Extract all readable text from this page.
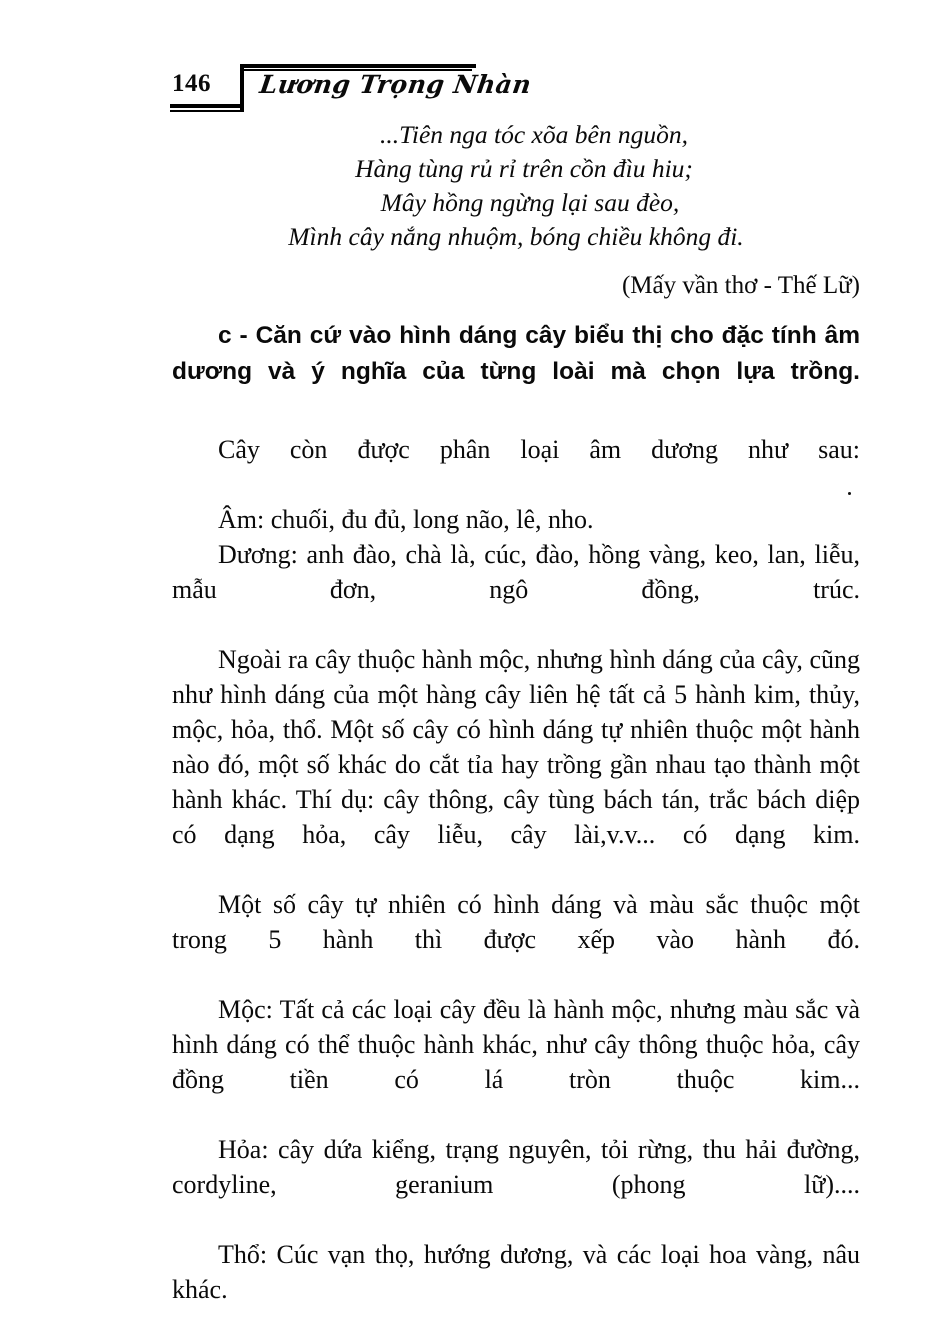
146 Lương Trọng Nhàn
...Tiên nga tóc xõa bên nguồn,
Hàng tùng rủ rỉ trên cồn đìu hiu;
Mây hồng ngừng lại sau đèo,
Mình cây nắng nhuộm, bóng chiều không đi.
(Mấy vần thơ - Thế Lữ)
c - Căn cứ vào hình dáng cây biểu thị cho đặc tính âm dương và ý nghĩa của từng loài mà chọn lựa trồng.

Cây còn được phân loại âm dương như sau:

Âm: chuối, đu đủ, long não, lê, nho.

Dương: anh đào, chà là, cúc, đào, hồng vàng, keo, lan, liễu, mẫu đơn, ngô đồng, trúc.

Ngoài ra cây thuộc hành mộc, nhưng hình dáng của cây, cũng như hình dáng của một hàng cây liên hệ tất cả 5 hành kim, thủy, mộc, hỏa, thổ. Một số cây có hình dáng tự nhiên thuộc một hành nào đó, một số khác do cắt tỉa hay trồng gần nhau tạo thành một hành khác. Thí dụ: cây thông, cây tùng bách tán, trắc bách diệp có dạng hỏa, cây liễu, cây lài,v.v... có dạng kim.

Một số cây tự nhiên có hình dáng và màu sắc thuộc một trong 5 hành thì được xếp vào hành đó.

Mộc: Tất cả các loại cây đều là hành mộc, nhưng màu sắc và hình dáng có thể thuộc hành khác, như cây thông thuộc hỏa, cây đồng tiền có lá tròn thuộc kim...

Hỏa: cây dứa kiểng, trạng nguyên, tỏi rừng, thu hải đường, cordyline, geranium (phong lữ)....

Thổ: Cúc vạn thọ, hướng dương, và các loại hoa vàng, nâu khác.
